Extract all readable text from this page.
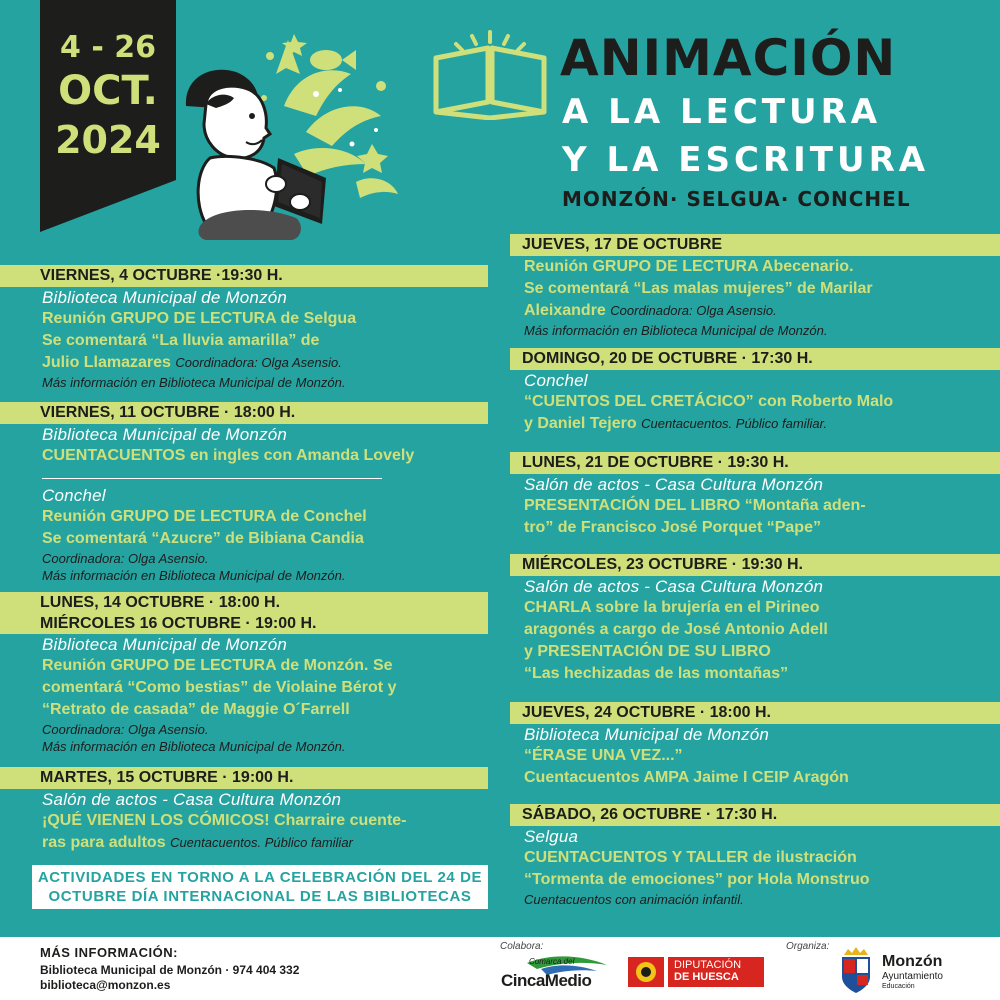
4 - 26
OCT.
2024
ANIMACIÓN
A LA LECTURA
Y LA ESCRITURA
MONZÓN· SELGUA· CONCHEL
VIERNES, 4 OCTUBRE ·19:30 H.
Biblioteca Municipal de Monzón
Reunión GRUPO DE LECTURA de Selgua
Se comentará “La lluvia amarilla” de
Julio Llamazares Coordinadora: Olga Asensio.
Más información en Biblioteca Municipal de Monzón.
VIERNES, 11 OCTUBRE · 18:00 H.
Biblioteca Municipal de Monzón
CUENTACUENTOS en ingles con Amanda Lovely
Conchel
Reunión GRUPO DE LECTURA de Conchel
Se comentará “Azucre” de Bibiana Candia
Coordinadora: Olga Asensio.
Más información en Biblioteca Municipal de Monzón.
LUNES, 14 OCTUBRE · 18:00 H.
MIÉRCOLES 16 OCTUBRE · 19:00 H.
Biblioteca Municipal de Monzón
Reunión GRUPO DE LECTURA de Monzón. Se
comentará “Como bestias” de Violaine Bérot y
“Retrato de casada” de Maggie O´Farrell
Coordinadora: Olga Asensio.
Más información en Biblioteca Municipal de Monzón.
MARTES, 15 OCTUBRE · 19:00 H.
Salón de actos - Casa Cultura Monzón
¡QUÉ VIENEN LOS CÓMICOS! Charraire cuente-
ras para adultos Cuentacuentos. Público familiar
ACTIVIDADES EN TORNO A LA CELEBRACIÓN DEL 24 DE
OCTUBRE DÍA INTERNACIONAL DE LAS BIBLIOTECAS
JUEVES, 17 DE OCTUBRE
Reunión GRUPO DE LECTURA Abecenario.
Se comentará “Las malas mujeres” de Marilar
Aleixandre Coordinadora: Olga Asensio.
Más información en Biblioteca Municipal de Monzón.
DOMINGO, 20 DE OCTUBRE · 17:30 H.
Conchel
“CUENTOS DEL CRETÁCICO” con Roberto Malo
y Daniel Tejero Cuentacuentos. Público familiar.
LUNES, 21 DE OCTUBRE · 19:30 H.
Salón de actos - Casa Cultura Monzón
PRESENTACIÓN DEL LIBRO “Montaña aden-
tro” de Francisco José Porquet “Pape”
MIÉRCOLES, 23 OCTUBRE · 19:30 H.
Salón de actos - Casa Cultura Monzón
CHARLA sobre la brujería en el Pirineo
aragonés a cargo de José Antonio Adell
y PRESENTACIÓN DE SU LIBRO
“Las hechizadas de las montañas”
JUEVES, 24 OCTUBRE · 18:00 H.
Biblioteca Municipal de Monzón
“ÉRASE UNA VEZ...”
Cuentacuentos AMPA Jaime I CEIP Aragón
SÁBADO, 26 OCTUBRE · 17:30 H.
Selgua
CUENTACUENTOS Y TALLER de ilustración
“Tormenta de emociones” por Hola Monstruo
Cuentacuentos con animación infantil.
MÁS INFORMACIÓN:
Biblioteca Municipal de Monzón · 974 404 332
biblioteca@monzon.es
Colabora:
Comarca del
CincaMedio
DIPUTACIÓN
DE HUESCA
Organiza:
Monzón
Ayuntamiento
Educación
